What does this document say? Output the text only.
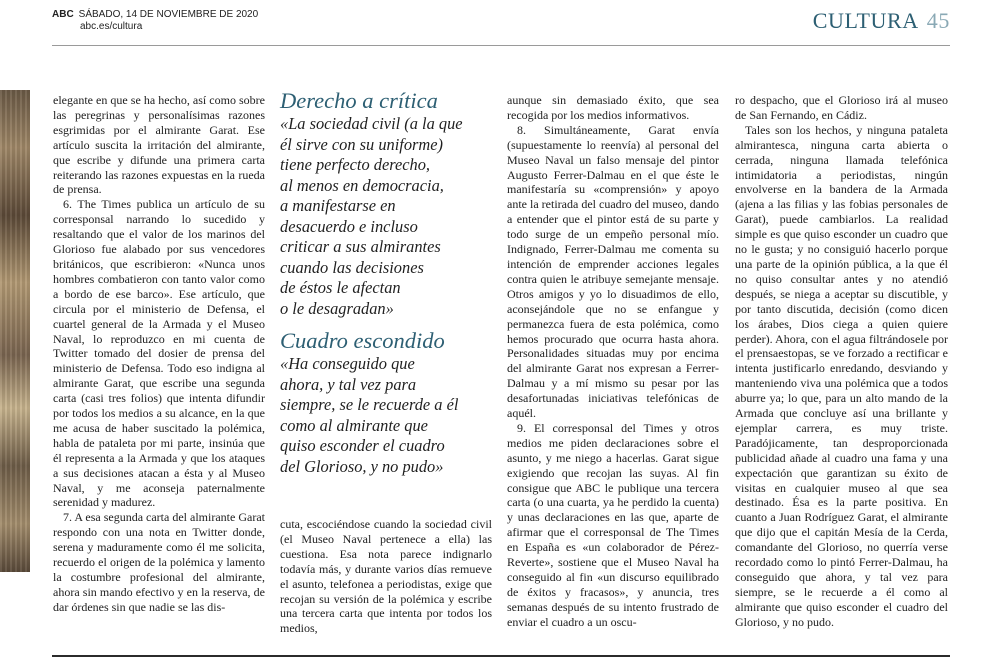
ABC SÁBADO, 14 DE NOVIEMBRE DE 2020
abc.es/cultura	CULTURA 45

elegante en que se ha hecho, así como sobre las peregrinas y personalísimas razones esgrimidas por el almirante Garat. Ese artículo suscita la irritación del almirante, que escribe y difunde una primera carta reiterando las razones expuestas en la rueda de prensa.

6. The Times publica un artículo de su corresponsal narrando lo sucedido y resaltando que el valor de los marinos del Glorioso fue alabado por sus vencedores británicos, que escribieron: «Nunca unos hombres combatieron con tanto valor como a bordo de ese barco». Ese artículo, que circula por el ministerio de Defensa, el cuartel general de la Armada y el Museo Naval, lo reproduzco en mi cuenta de Twitter tomado del dosier de prensa del ministerio de Defensa. Todo eso indigna al almirante Garat, que escribe una segunda carta (casi tres folios) que intenta difundir por todos los medios a su alcance, en la que me acusa de haber suscitado la polémica, habla de pataleta por mi parte, insinúa que él representa a la Armada y que los ataques a sus decisiones atacan a ésta y al Museo Naval, y me aconseja paternalmente serenidad y madurez.

7. A esa segunda carta del almirante Garat respondo con una nota en Twitter donde, serena y maduramente como él me solicita, recuerdo el origen de la polémica y lamento la costumbre profesional del almirante, ahora sin mando efectivo y en la reserva, de dar órdenes sin que nadie se las dis-

Derecho a crítica
«La sociedad civil (a la que
él sirve con su uniforme)
tiene perfecto derecho,
al menos en democracia,
a manifestarse en
desacuerdo e incluso
criticar a sus almirantes
cuando las decisiones
de éstos le afectan
o le desagradan»
Cuadro escondido
«Ha conseguido que
ahora, y tal vez para
siempre, se le recuerde a él
como al almirante que
quiso esconder el cuadro
del Glorioso, y no pudo»

cuta, escociéndose cuando la sociedad civil (el Museo Naval pertenece a ella) las cuestiona. Esa nota parece indignarlo todavía más, y durante varios días remueve el asunto, telefonea a periodistas, exige que recojan su versión de la polémica y escribe una tercera carta que intenta por todos los medios,

aunque sin demasiado éxito, que sea recogida por los medios informativos.

8. Simultáneamente, Garat envía (supuestamente lo reenvía) al personal del Museo Naval un falso mensaje del pintor Augusto Ferrer-Dalmau en el que éste le manifestaría su «comprensión» y apoyo ante la retirada del cuadro del museo, dando a entender que el pintor está de su parte y todo surge de un empeño personal mío. Indignado, Ferrer-Dalmau me comenta su intención de emprender acciones legales contra quien le atribuye semejante mensaje. Otros amigos y yo lo disuadimos de ello, aconsejándole que no se enfangue y permanezca fuera de esta polémica, como hemos procurado que ocurra hasta ahora. Personalidades situadas muy por encima del almirante Garat nos expresan a Ferrer-Dalmau y a mí mismo su pesar por las desafortunadas iniciativas telefónicas de aquél.

9. El corresponsal del Times y otros medios me piden declaraciones sobre el asunto, y me niego a hacerlas. Garat sigue exigiendo que recojan las suyas. Al fin consigue que ABC le publique una tercera carta (o una cuarta, ya he perdido la cuenta) y unas declaraciones en las que, aparte de afirmar que el corresponsal de The Times en España es «un colaborador de Pérez-Reverte», sostiene que el Museo Naval ha conseguido al fin «un discurso equilibrado de éxitos y fracasos», y anuncia, tres semanas después de su intento frustrado de enviar el cuadro a un oscu-

ro despacho, que el Glorioso irá al museo de San Fernando, en Cádiz.

Tales son los hechos, y ninguna pataleta almirantesca, ninguna carta abierta o cerrada, ninguna llamada telefónica intimidatoria a periodistas, ningún envolverse en la bandera de la Armada (ajena a las filias y las fobias personales de Garat), puede cambiarlos. La realidad simple es que quiso esconder un cuadro que no le gusta; y no consiguió hacerlo porque una parte de la opinión pública, a la que él no quiso consultar antes y no atendió después, se niega a aceptar su discutible, y por tanto discutida, decisión (como dicen los árabes, Dios ciega a quien quiere perder). Ahora, con el agua filtrándosele por el prensaestopas, se ve forzado a rectificar e intenta justificarlo enredando, desviando y manteniendo viva una polémica que a todos aburre ya; lo que, para un alto mando de la Armada que concluye así una brillante y ejemplar carrera, es muy triste. Paradójicamente, tan desproporcionada publicidad añade al cuadro una fama y una expectación que garantizan su éxito de visitas en cualquier museo al que sea destinado. Ésa es la parte positiva. En cuanto a Juan Rodríguez Garat, el almirante que dijo que el capitán Mesía de la Cerda, comandante del Glorioso, no querría verse recordado como lo pintó Ferrer-Dalmau, ha conseguido que ahora, y tal vez para siempre, se le recuerde a él como al almirante que quiso esconder el cuadro del Glorioso, y no pudo.
